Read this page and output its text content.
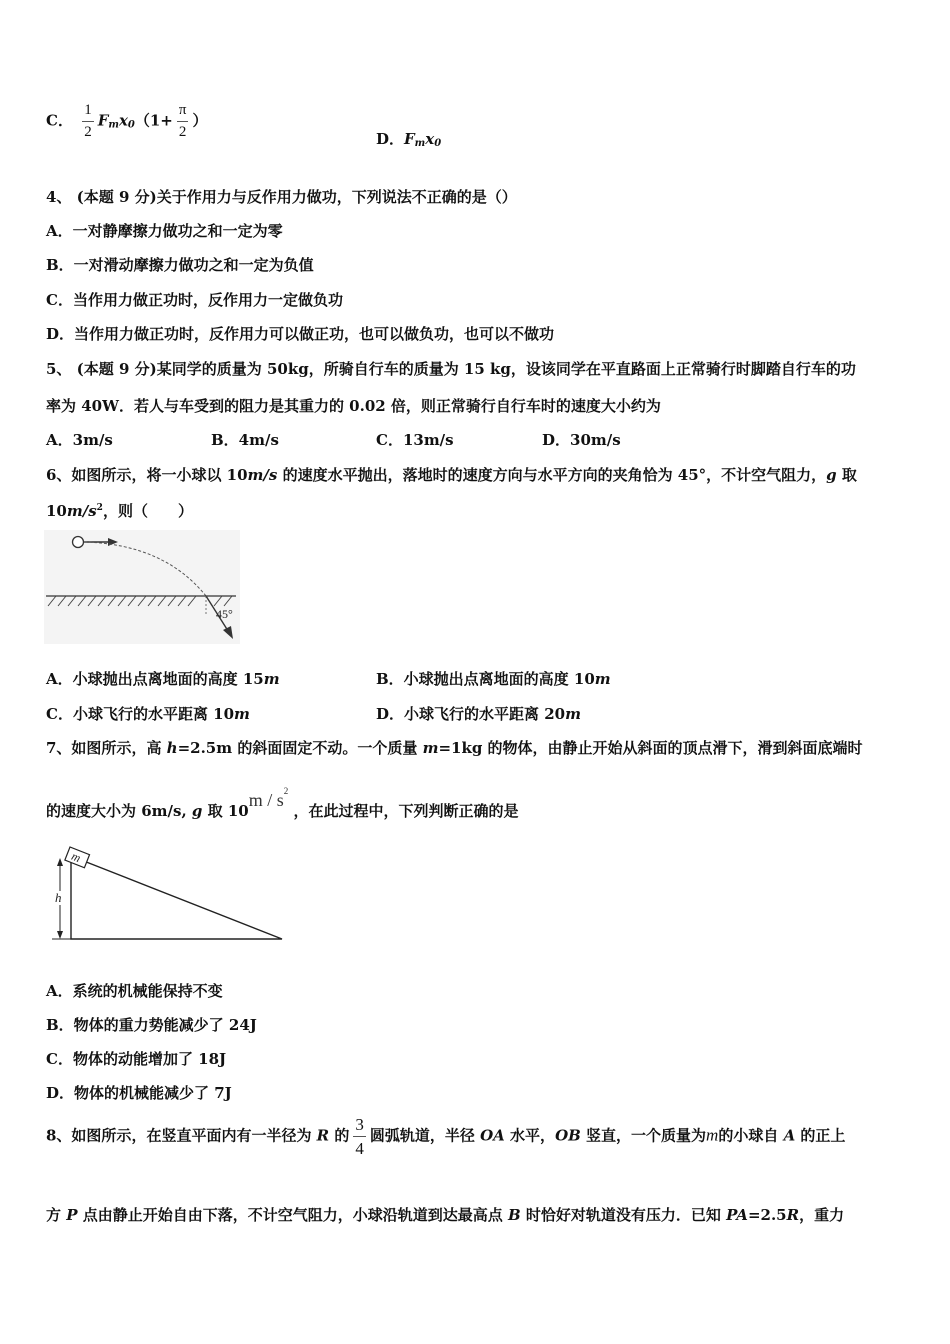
C． $\frac{1}{2} F_mx_0(1+ \frac{\pi}{2}$ ）
D．$F_mx_0$
4、 (本题 9 分)关于作用力与反作用力做功，下列说法不正确的是（）
A．一对静摩擦力做功之和一定为零
B．一对滑动摩擦力做功之和一定为负值
C．当作用力做正功时，反作用力一定做负功
D．当作用力做正功时，反作用力可以做正功，也可以做负功，也可以不做功
5、 (本题 9 分)某同学的质量为 50kg，所骑自行车的质量为 15 kg，设该同学在平直路面上正常骑行时脚踏自行车的功
率为 40W．若人与车受到的阻力是其重力的 0.02 倍，则正常骑行自行车时的速度大小约为
A．3m/s	B．4m/s	C．13m/s	D．30m/s
6、如图所示，将一小球以 10m/s 的速度水平抛出，落地时的速度方向与水平方向的夹角恰为 45°，不计空气阻力，g 取
$10m/s^2$，则（　　）
45°
A．小球抛出点离地面的高度 15m	B．小球抛出点离地面的高度 10m
C．小球飞行的水平距离 10m	D．小球飞行的水平距离 20m
7、如图所示，高 h=2.5m 的斜面固定不动。一个质量 m=1kg 的物体，由静止开始从斜面的顶点滑下，滑到斜面底端时
的速度大小为 6m/s, g 取 $10m / s^2$ ，在此过程中，下列判断正确的是
m
h
A．系统的机械能保持不变
B．物体的重力势能减少了 24J
C．物体的动能增加了 18J
D．物体的机械能减少了 7J
8、如图所示，在竖直平面内有一半径为 R 的 $\frac{3}{4}$ 圆弧轨道，半径 OA 水平，OB 竖直，一个质量为m的小球自 A 的正上
方 P 点由静止开始自由下落，不计空气阻力，小球沿轨道到达最高点 B 时恰好对轨道没有压力．已知 PA=2.5R，重力
